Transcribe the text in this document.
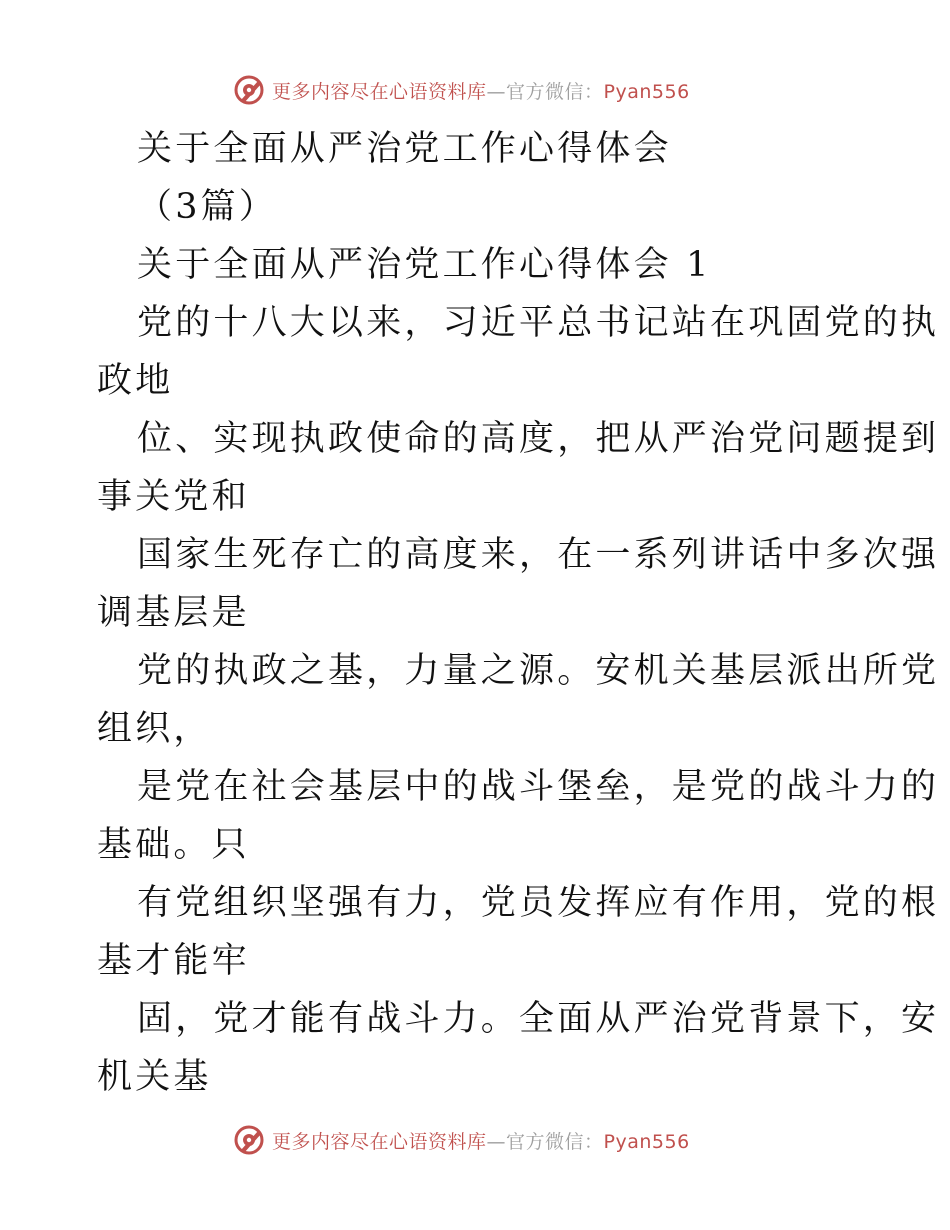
更多内容尽在心语资料库—官方微信：Pyan556
关于全面从严治党工作心得体会
（3篇）
关于全面从严治党工作心得体会 1
党的十八大以来，习近平总书记站在巩固党的执
政地
位、实现执政使命的高度，把从严治党问题提到
事关党和
国家生死存亡的高度来，在一系列讲话中多次强
调基层是
党的执政之基，力量之源。安机关基层派出所党
组织，
是党在社会基层中的战斗堡垒，是党的战斗力的
基础。只
有党组织坚强有力，党员发挥应有作用，党的根
基才能牢
固，党才能有战斗力。全面从严治党背景下，安
机关基
更多内容尽在心语资料库—官方微信：Pyan556
